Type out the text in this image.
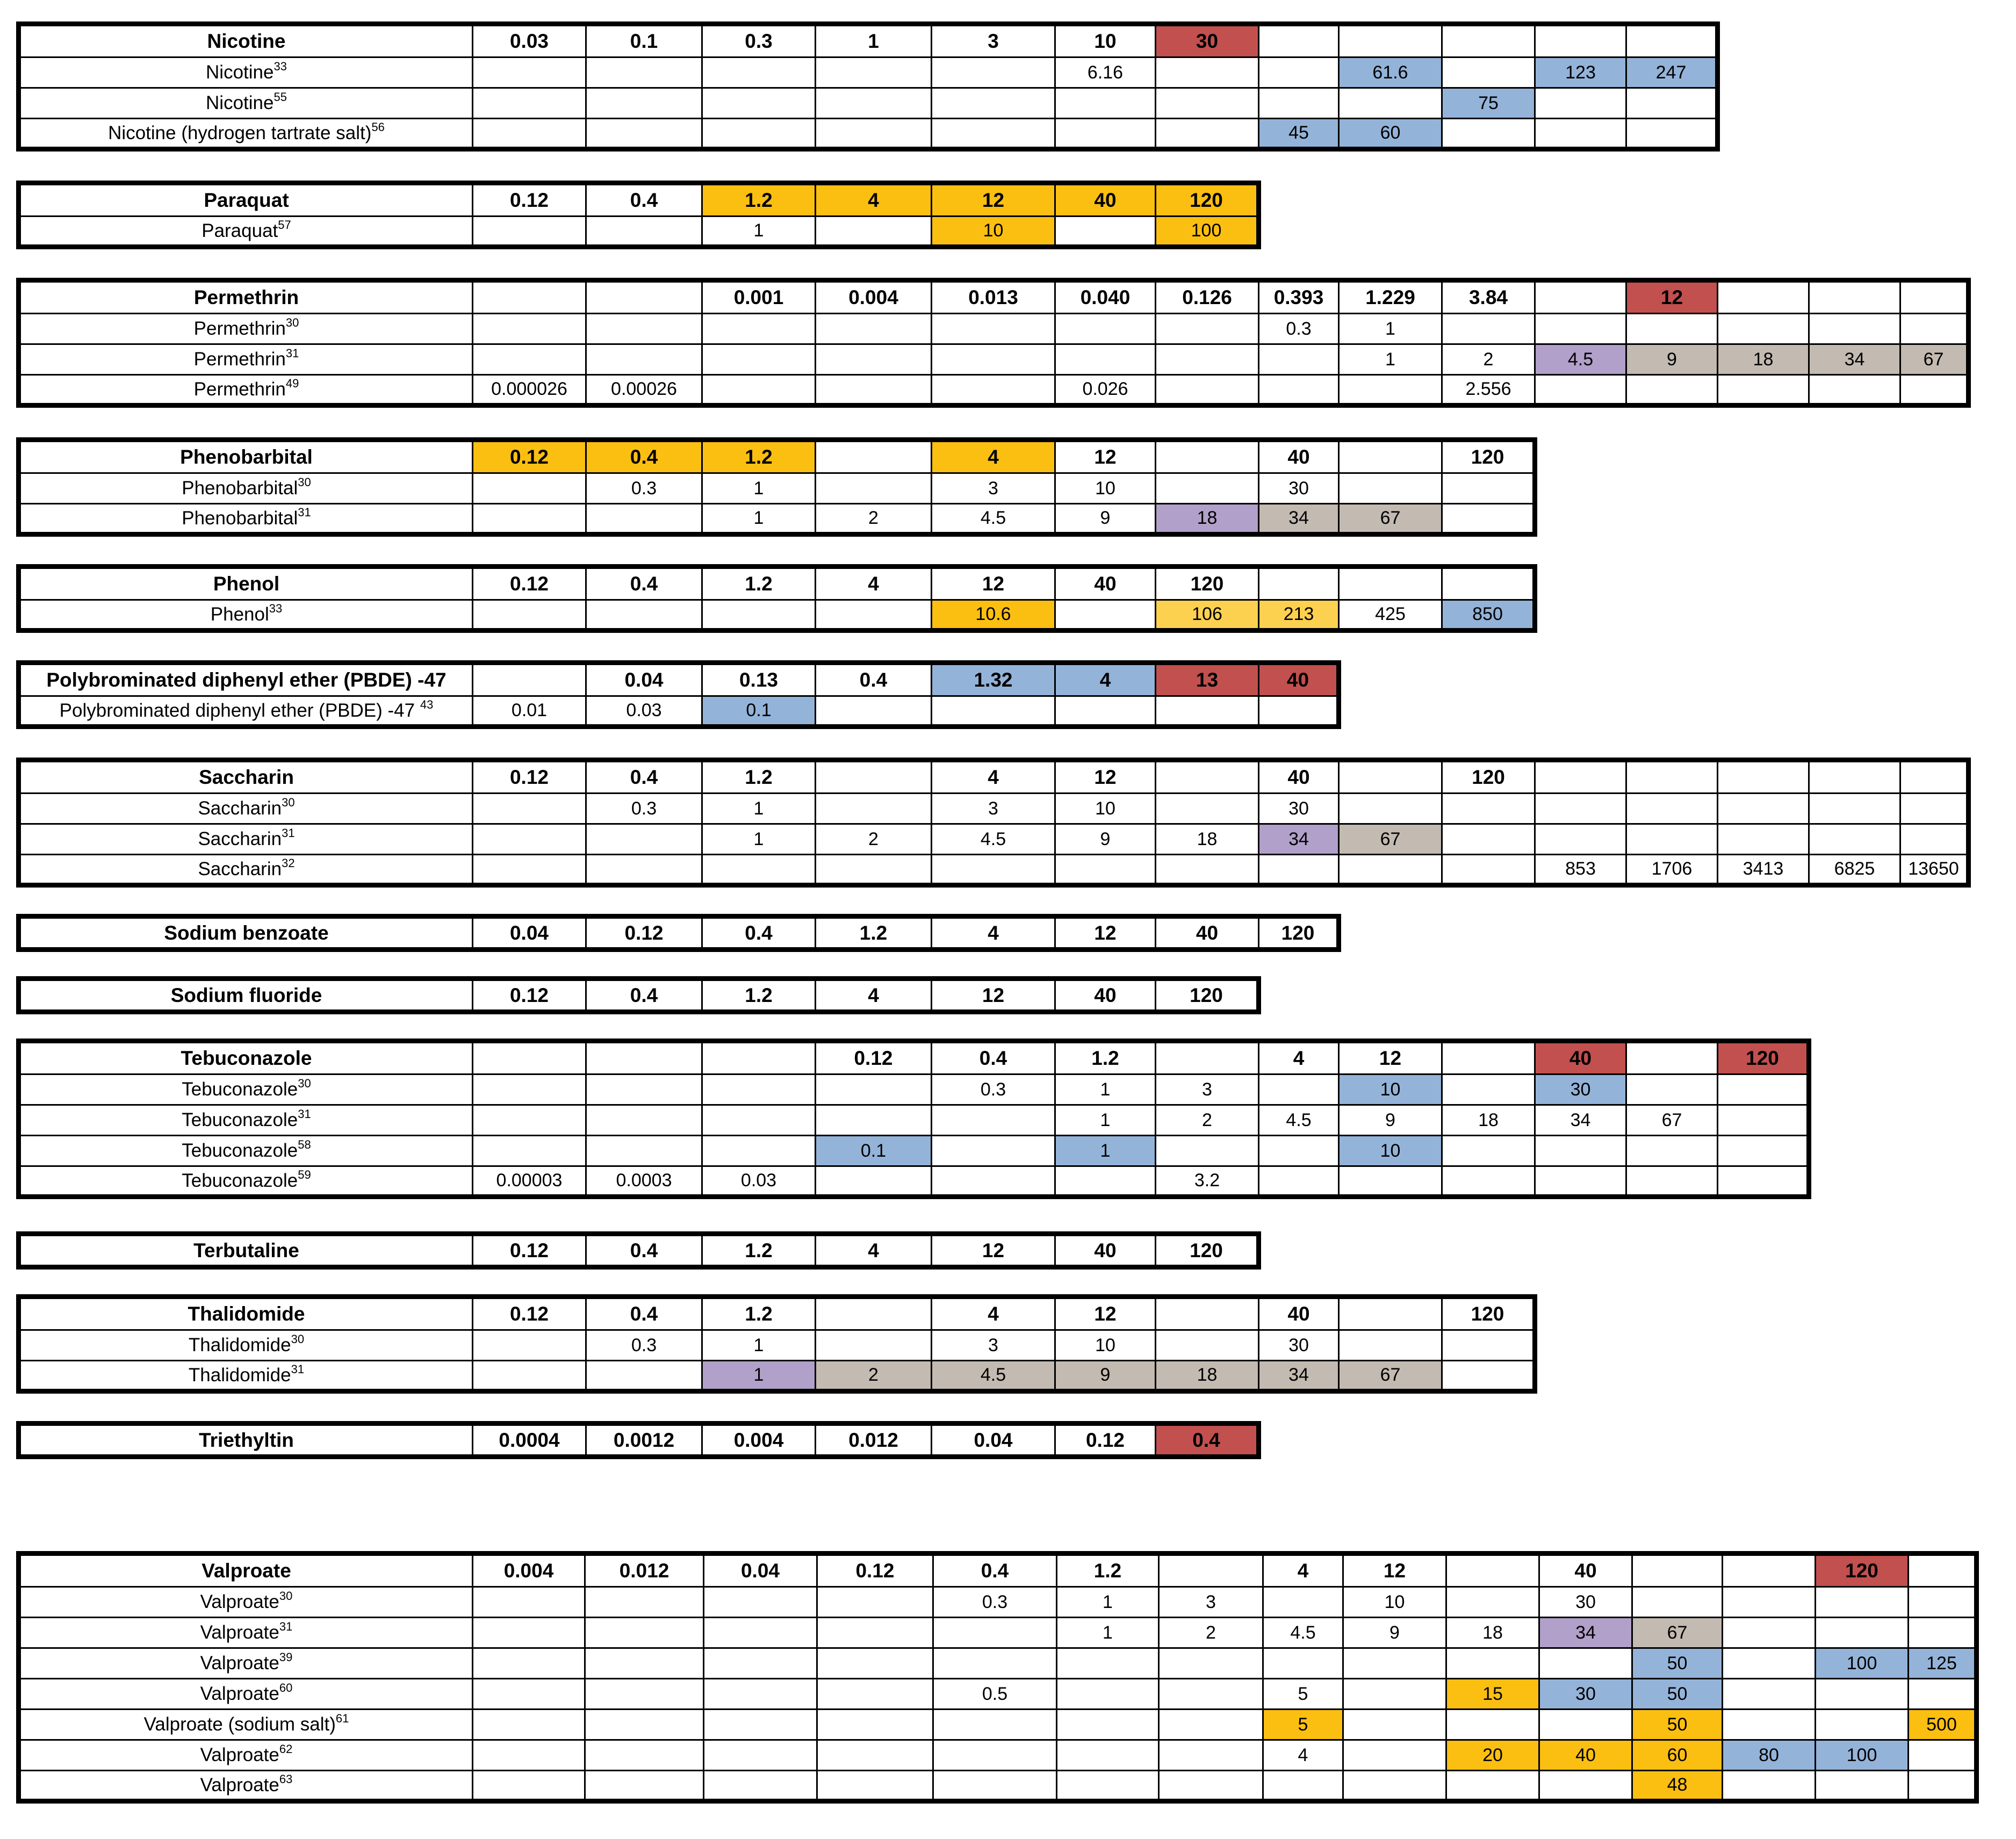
Nicotine	0.03	0.1	0.3	1	3	10	30					
Nicotine$^{33}$						6.16			61.6		123	247
Nicotine$^{55}$										75		
Nicotine (hydrogen tartrate salt)$^{56}$								45	60			
Paraquat	0.12	0.4	1.2	4	12	40	120
Paraquat$^{57}$			1		10		100
Permethrin			0.001	0.004	0.013	0.040	0.126	0.393	1.229	3.84		12			
Permethrin$^{30}$								0.3	1						
Permethrin$^{31}$									1	2	4.5	9	18	34	67
Permethrin$^{49}$	0.000026	0.00026				0.026				2.556					
Phenobarbital	0.12	0.4	1.2		4	12		40		120
Phenobarbital$^{30}$		0.3	1		3	10		30		
Phenobarbital$^{31}$			1	2	4.5	9	18	34	67	
Phenol	0.12	0.4	1.2	4	12	40	120			
Phenol$^{33}$					10.6		106	213	425	850
Polybrominated diphenyl ether (PBDE) -47		0.04	0.13	0.4	1.32	4	13	40
Polybrominated diphenyl ether (PBDE) -47 $^{43}$	0.01	0.03	0.1					
Saccharin	0.12	0.4	1.2		4	12		40		120					
Saccharin$^{30}$		0.3	1		3	10		30							
Saccharin$^{31}$			1	2	4.5	9	18	34	67						
Saccharin$^{32}$											853	1706	3413	6825	13650
Sodium benzoate	0.04	0.12	0.4	1.2	4	12	40	120
Sodium fluoride	0.12	0.4	1.2	4	12	40	120
Tebuconazole				0.12	0.4	1.2		4	12		40		120
Tebuconazole$^{30}$					0.3	1	3		10		30		
Tebuconazole$^{31}$						1	2	4.5	9	18	34	67	
Tebuconazole$^{58}$				0.1		1			10				
Tebuconazole$^{59}$	0.00003	0.0003	0.03				3.2						
Terbutaline	0.12	0.4	1.2	4	12	40	120
Thalidomide	0.12	0.4	1.2		4	12		40		120
Thalidomide$^{30}$		0.3	1		3	10		30		
Thalidomide$^{31}$			1	2	4.5	9	18	34	67	
Triethyltin	0.0004	0.0012	0.004	0.012	0.04	0.12	0.4
Valproate	0.004	0.012	0.04	0.12	0.4	1.2		4	12		40			120	
Valproate$^{30}$					0.3	1	3		10		30				
Valproate$^{31}$						1	2	4.5	9	18	34	67			
Valproate$^{39}$												50		100	125
Valproate$^{60}$					0.5			5		15	30	50			
Valproate (sodium salt)$^{61}$								5				50			500
Valproate$^{62}$								4		20	40	60	80	100	
Valproate$^{63}$												48			
